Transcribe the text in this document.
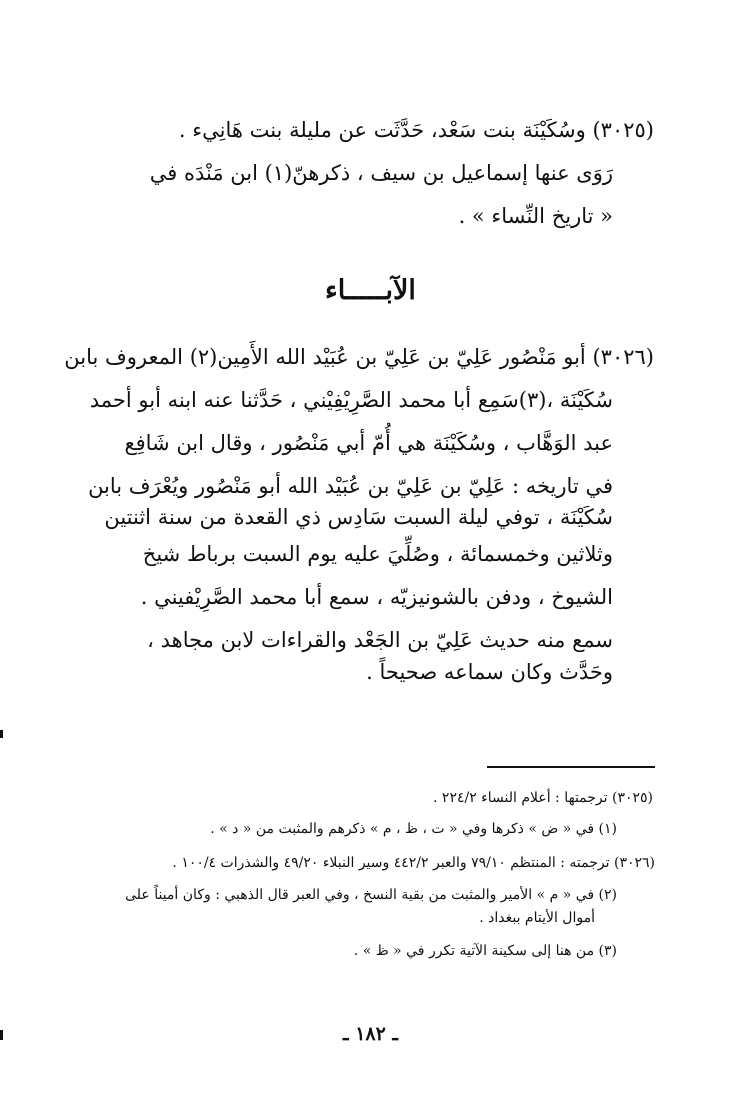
(٣٠٢٥) وسُكَيْنَة بنت سَعْد، حَدَّثَت عن مليلة بنت هَانِيء .
رَوَى عنها إسماعيل بن سيف ، ذكرهنّ(١) ابن مَنْدَه في
« تاريخ النِّساء » .
الآبـــــاء
(٣٠٢٦) أبو مَنْصُور عَلِيّ بن عَلِيّ بن عُبَيْد الله الأَمِين(٢) المعروف بابن
سُكَيْنَة ،(٣)سَمِع أبا محمد الصَّرِيْفِيْني ، حَدَّثنا عنه ابنه أبو أحمد
عبد الوَهَّاب ، وسُكَيْنَة هي أُمّ أبي مَنْصُور ، وقال ابن شَافِع
في تاريخه : عَلِيّ بن عَلِيّ بن عُبَيْد الله أبو مَنْصُور ويُعْرَف بابن
سُكَيْنَة ، توفي ليلة السبت سَادِس ذي القعدة من سنة اثنتين
وثلاثين وخمسمائة ، وصُلِّيَ عليه يوم السبت برباط شيخ
الشيوخ ، ودفن بالشونيزيّه ، سمع أبا محمد الصَّرِيْفيني .
سمع منه حديث عَلِيّ بن الجَعْد والقراءات لابن مجاهد ،
وحَدَّث وكان سماعه صحيحاً .
(٣٠٢٥) ترجمتها : أعلام النساء ٢٢٤/٢ .
(١) في « ض » ذكرها وفي « ت ، ظ ، م » ذكرهم والمثبت من « د » .
(٣٠٢٦) ترجمته : المنتظم ٧٩/١٠ والعبر ٤٤٢/٢ وسير النبلاء ٤٩/٢٠ والشذرات ١٠٠/٤ .
(٢) في « م » الأمير والمثبت من بقية النسخ ، وفي العبر قال الذهبي : وكان أميناً على
أموال الأيتام ببغداد .
(٣) من هنا إلى سكينة الآتية تكرر في « ظ » .
ـ ١٨٢ ـ
